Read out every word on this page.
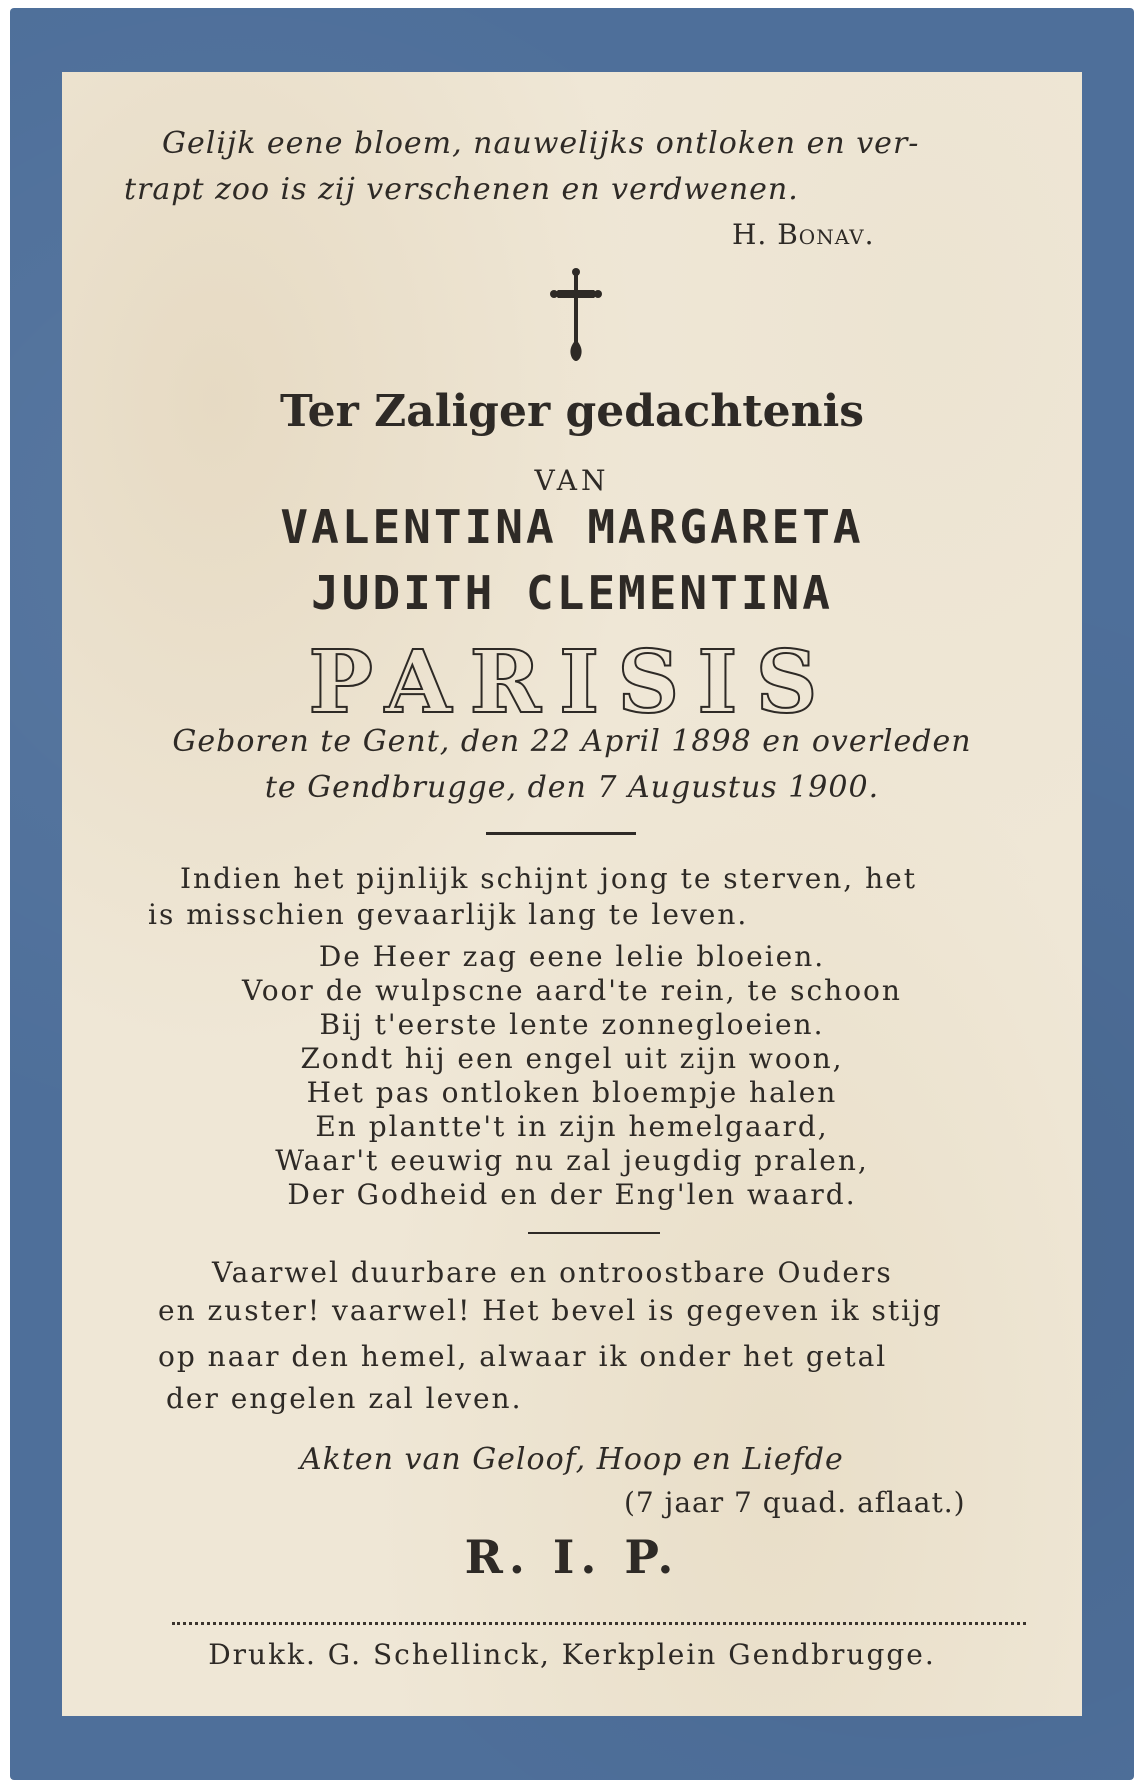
Gelijk eene bloem, nauwelijks ontloken en ver-
trapt zoo is zij verschenen en verdwenen.
H. Bonav.
Ter Zaliger gedachtenis
VAN
VALENTINA MARGARETA
JUDITH CLEMENTINA
PARISIS
Geboren te Gent, den 22 April 1898 en overleden
te Gendbrugge, den 7 Augustus 1900.
Indien het pijnlijk schijnt jong te sterven, het
is misschien gevaarlijk lang te leven.
De Heer zag eene lelie bloeien.
Voor de wulpscne aard'te rein, te schoon
Bij t'eerste lente zonnegloeien.
Zondt hij een engel uit zijn woon,
Het pas ontloken bloempje halen
En plantte't in zijn hemelgaard,
Waar't eeuwig nu zal jeugdig pralen,
Der Godheid en der Eng'len waard.
Vaarwel duurbare en ontroostbare Ouders
en zuster! vaarwel! Het bevel is gegeven ik stijg
op naar den hemel, alwaar ik onder het getal
der engelen zal leven.
Akten van Geloof, Hoop en Liefde
(7 jaar 7 quad. aflaat.)
R. I. P.
Drukk. G. Schellinck, Kerkplein Gendbrugge.
